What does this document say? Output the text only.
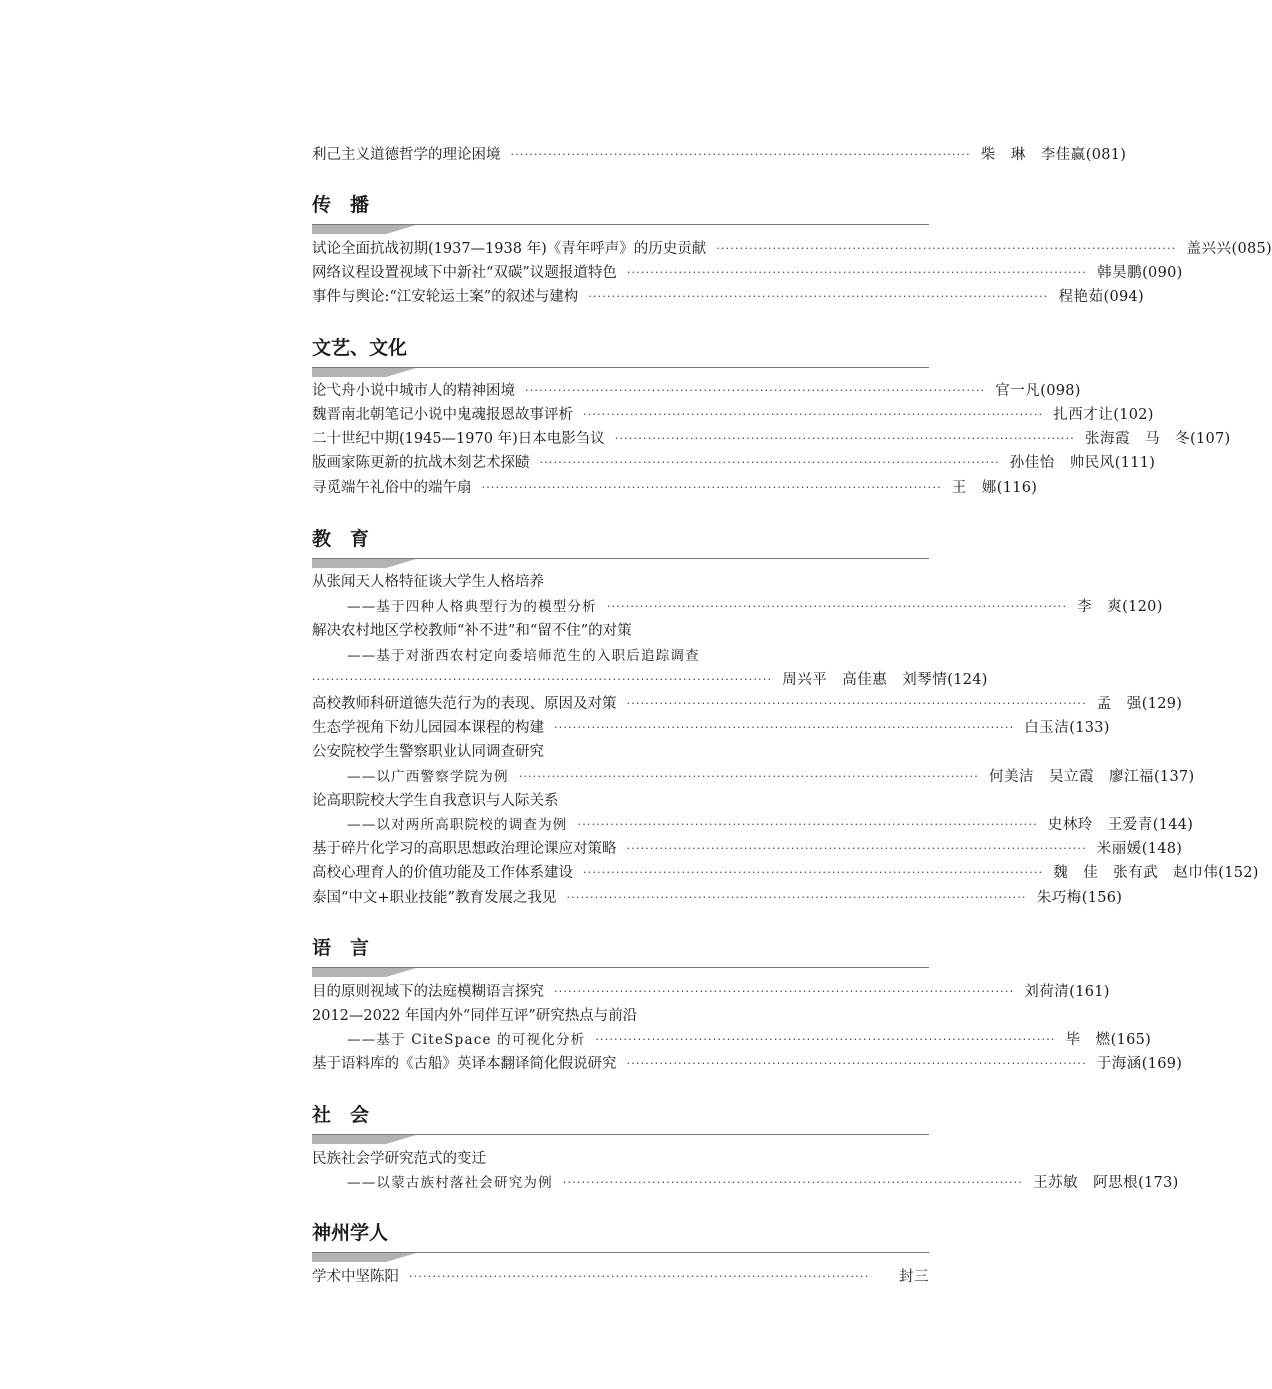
利己主义道德哲学的理论困境 ·································································································· 柴　琳　李佳赢 (081)
传　播
试论全面抗战初期(1937—1938 年)《青年呼声》的历史贡献 ·································································································· 盖兴兴 (085)
网络议程设置视域下中新社“双碳”议题报道特色 ·································································································· 韩昊鹏 (090)
事件与舆论:“江安轮运土案”的叙述与建构 ·································································································· 程艳茹 (094)
文艺、文化
论弋舟小说中城市人的精神困境 ·································································································· 官一凡 (098)
魏晋南北朝笔记小说中鬼魂报恩故事评析 ·································································································· 扎西才让 (102)
二十世纪中期(1945—1970 年)日本电影刍议 ·································································································· 张海霞　马　冬 (107)
版画家陈更新的抗战木刻艺术探赜 ·································································································· 孙佳怡　帅民风 (111)
寻觅端午礼俗中的端午扇 ·································································································· 王　娜 (116)
教　育
从张闻天人格特征谈大学生人格培养
——基于四种人格典型行为的模型分析 ·································································································· 李　爽 (120)
解决农村地区学校教师“补不进”和“留不住”的对策
——基于对浙西农村定向委培师范生的入职后追踪调查
·································································································· 周兴平　高佳惠　刘琴情 (124)
高校教师科研道德失范行为的表现、原因及对策 ·································································································· 孟　强 (129)
生态学视角下幼儿园园本课程的构建 ·································································································· 白玉洁 (133)
公安院校学生警察职业认同调查研究
——以广西警察学院为例 ·································································································· 何美洁　吴立霞　廖江福 (137)
论高职院校大学生自我意识与人际关系
——以对两所高职院校的调查为例 ·································································································· 史林玲　王爱青 (144)
基于碎片化学习的高职思想政治理论课应对策略 ·································································································· 米丽媛 (148)
高校心理育人的价值功能及工作体系建设 ·································································································· 魏　佳　张有武　赵巾伟 (152)
泰国“中文+职业技能”教育发展之我见 ·································································································· 朱巧梅 (156)
语　言
目的原则视域下的法庭模糊语言探究 ·································································································· 刘荷清 (161)
2012—2022 年国内外“同伴互评”研究热点与前沿
——基于 CiteSpace 的可视化分析 ·································································································· 毕　燃 (165)
基于语料库的《古船》英译本翻译简化假说研究 ·································································································· 于海涵 (169)
社　会
民族社会学研究范式的变迁
——以蒙古族村落社会研究为例 ·································································································· 王苏敏　阿思根 (173)
神州学人
学术中坚陈阳 ··································································································	封三
